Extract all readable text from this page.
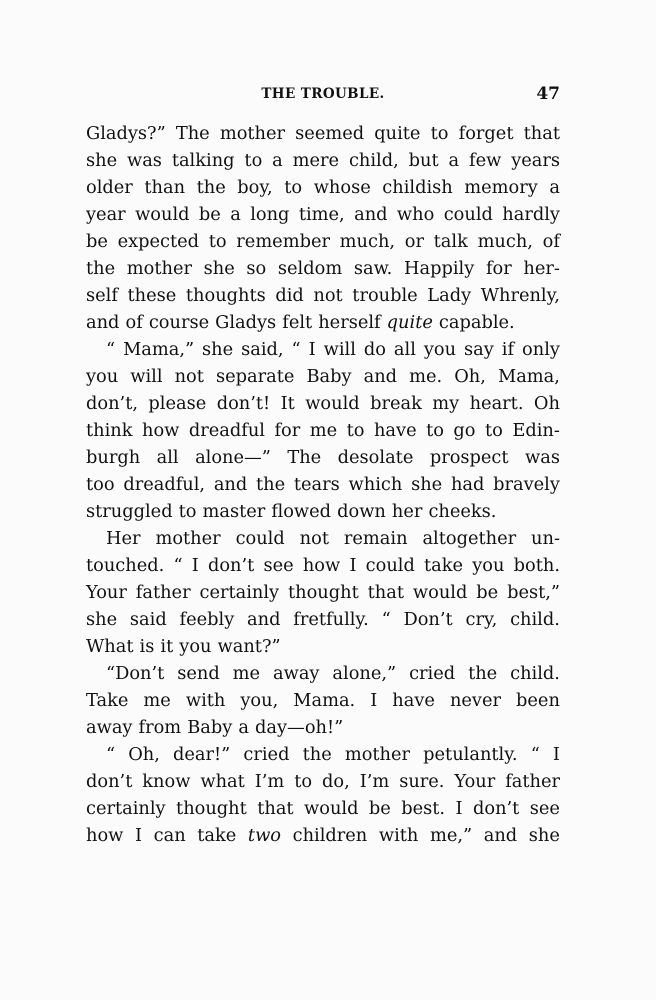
THE TROUBLE.	47
Gladys?” The mother seemed quite to forget that
she was talking to a mere child, but a few years
older than the boy, to whose childish memory a
year would be a long time, and who could hardly
be expected to remember much, or talk much, of
the mother she so seldom saw. Happily for her-
self these thoughts did not trouble Lady Whrenly,
and of course Gladys felt herself quite capable.
“ Mama,” she said, “ I will do all you say if only
you will not separate Baby and me. Oh, Mama,
don’t, please don’t! It would break my heart. Oh
think how dreadful for me to have to go to Edin-
burgh all alone—” The desolate prospect was
too dreadful, and the tears which she had bravely
struggled to master flowed down her cheeks.
Her mother could not remain altogether un-
touched. “ I don’t see how I could take you both.
Your father certainly thought that would be best,”
she said feebly and fretfully. “ Don’t cry, child.
What is it you want?”
“Don’t send me away alone,” cried the child.
Take me with you, Mama. I have never been
away from Baby a day—oh!”
“ Oh, dear!” cried the mother petulantly. “ I
don’t know what I’m to do, I’m sure. Your father
certainly thought that would be best. I don’t see
how I can take two children with me,” and she
